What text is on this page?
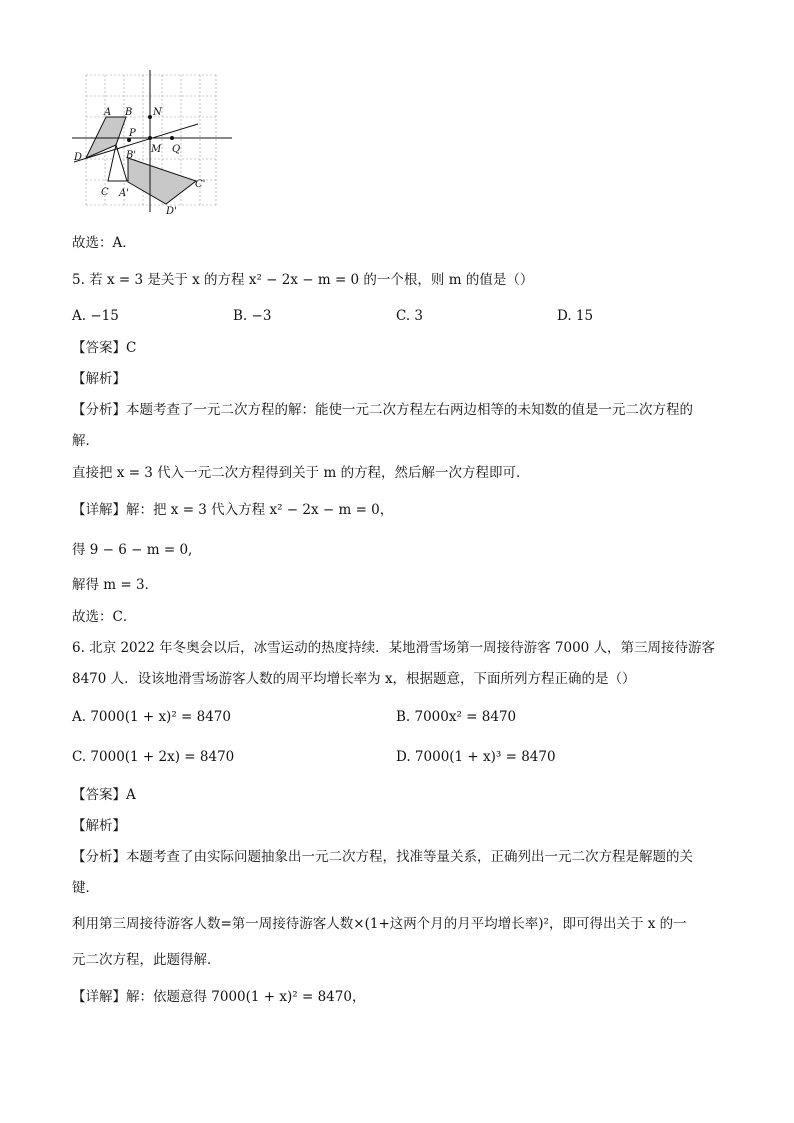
A B N
P
D
M Q
B'
C A'
C'
D'
故选：A．
5. 若 x = 3 是关于 x 的方程 x² − 2x − m = 0 的一个根，则 m 的值是（）
A. −15	B. −3	C. 3	D. 15
【答案】C
【解析】
【分析】本题考查了一元二次方程的解：能使一元二次方程左右两边相等的未知数的值是一元二次方程的
解．
直接把 x = 3 代入一元二次方程得到关于 m 的方程，然后解一次方程即可．
【详解】解：把 x = 3 代入方程 x² − 2x − m = 0，
得 9 − 6 − m = 0,
解得 m = 3．
故选：C．
6. 北京 2022 年冬奥会以后，冰雪运动的热度持续．某地滑雪场第一周接待游客 7000 人，第三周接待游客
8470 人．设该地滑雪场游客人数的周平均增长率为 x，根据题意，下面所列方程正确的是（）
A. 7000(1 + x)² = 8470	B. 7000x² = 8470
C. 7000(1 + 2x) = 8470	D. 7000(1 + x)³ = 8470
【答案】A
【解析】
【分析】本题考查了由实际问题抽象出一元二次方程，找准等量关系，正确列出一元二次方程是解题的关
键．
利用第三周接待游客人数=第一周接待游客人数×(1+这两个月的月平均增长率)²，即可得出关于 x 的一
元二次方程，此题得解．
【详解】解：依题意得 7000(1 + x)² = 8470，
